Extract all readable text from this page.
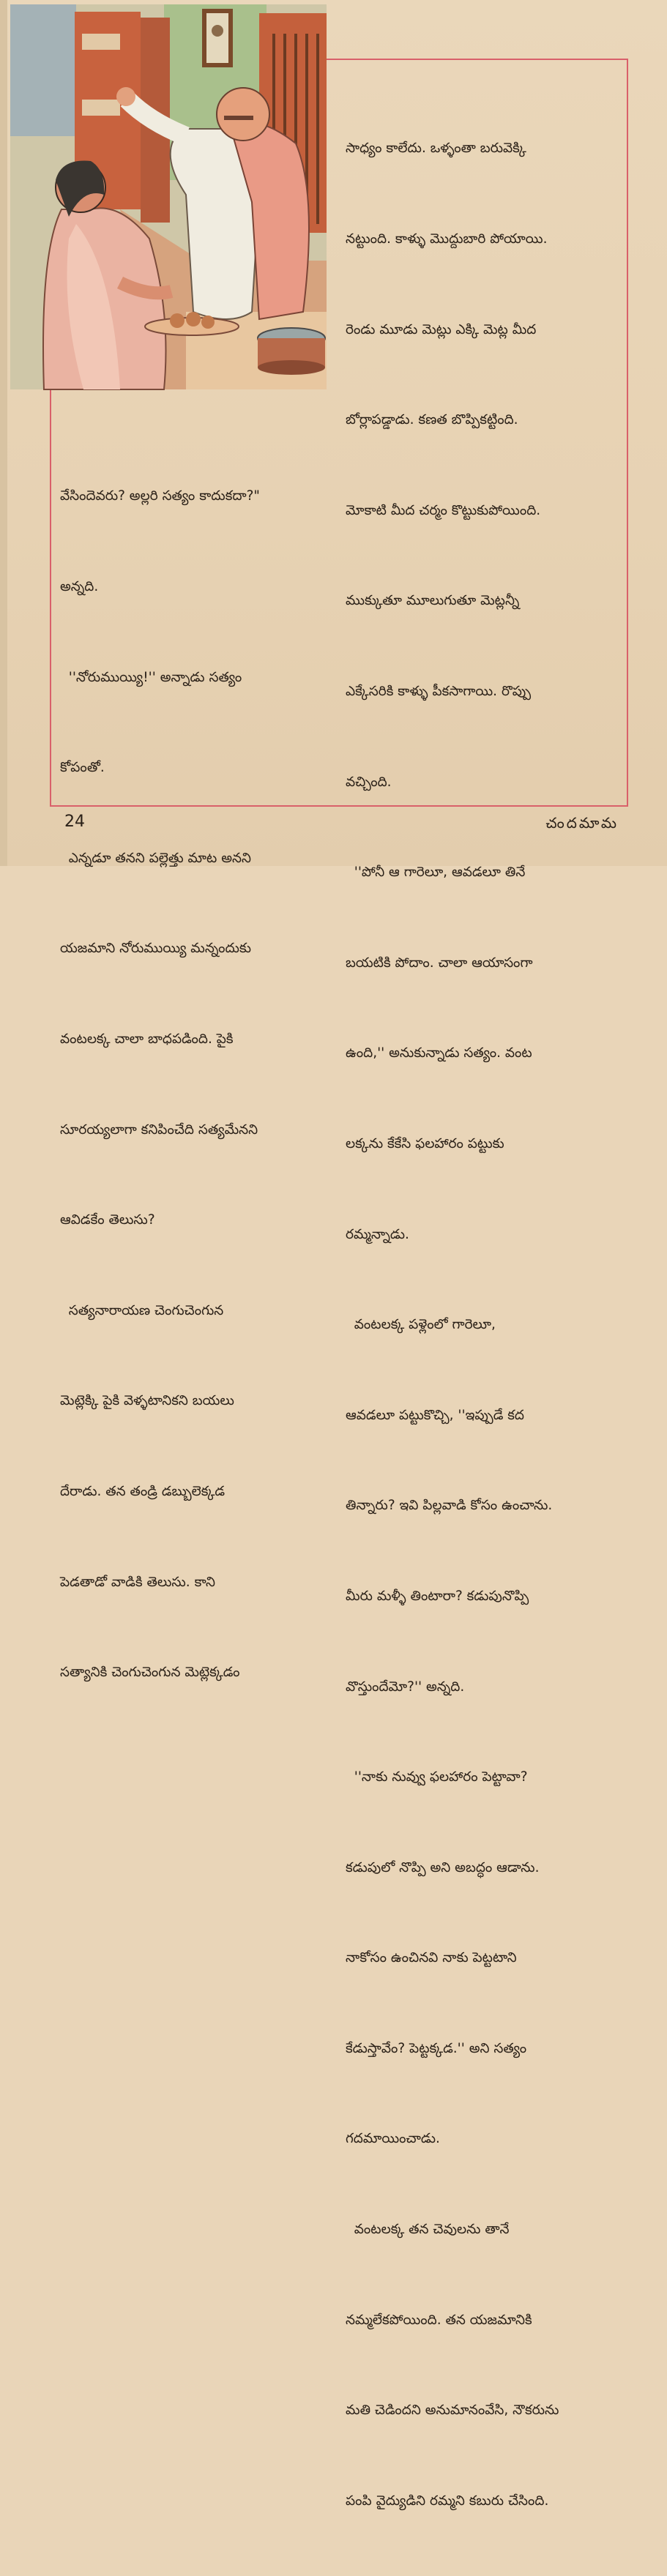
సాధ్యం కాలేదు. ఒళ్ళంతా బరువెక్కి

నట్టుంది. కాళ్ళు మొద్దుబారి పోయాయి.

రెండు మూడు మెట్లు ఎక్కి మెట్ల మీద

బోర్లాపడ్డాడు. కణత బొప్పికట్టింది.

మోకాటి మీద చర్మం కొట్టుకుపోయింది.

ముక్కుతూ మూలుగుతూ మెట్లన్నీ

ఎక్కేసరికి కాళ్ళు పీకసాగాయి. రొప్పు

వచ్చింది.

''పోనీ ఆ గారెలూ, ఆవడలూ తినే

బయటికి పోదాం. చాలా ఆయాసంగా

ఉంది,'' అనుకున్నాడు సత్యం. వంట

లక్కను కేకేసి ఫలహారం పట్టుకు

రమ్మన్నాడు.

వంటలక్క పళ్లెంలో గారెలూ,

ఆవడలూ పట్టుకొచ్చి, ''ఇప్పుడే కద

తిన్నారు? ఇవి పిల్లవాడి కోసం ఉంచాను.

మీరు మళ్ళీ తింటారా? కడుపునొప్పి

వొస్తుందేమో?'' అన్నది.

''నాకు నువ్వు ఫలహారం పెట్టావా?

కడుపులో నొప్పి అని అబద్ధం ఆడాను.

నాకోసం ఉంచినవి నాకు పెట్టటాని

కేడుస్తావేం? పెట్టక్కడ.'' అని సత్యం

గదమాయించాడు.

వంటలక్క తన చెవులను తానే

నమ్మలేకపోయింది. తన యజమానికి

మతి చెడిందని అనుమానంవేసి, నౌకరును

పంపి వైద్యుడిని రమ్మని కబురు చేసింది.

వేసిందెవరు? అల్లరి సత్యం కాదుకదా?"

అన్నది.

''నోరుముయ్యి!'' అన్నాడు సత్యం

కోపంతో.

ఎన్నడూ తనని పల్లెత్తు మాట అనని

యజమాని నోరుముయ్యి మన్నందుకు

వంటలక్క చాలా బాధపడింది. పైకి

సూరయ్యలాగా కనిపించేది సత్యమేనని

ఆవిడకేం తెలుసు?

సత్యనారాయణ చెంగుచెంగున

మెట్లెక్కి పైకి వెళ్ళటానికని బయలు

దేరాడు. తన తండ్రి డబ్బులెక్కడ

పెడతాడో వాడికి తెలుసు. కాని

సత్యానికి చెంగుచెంగున మెట్లెక్కడం

24	చందమామ
